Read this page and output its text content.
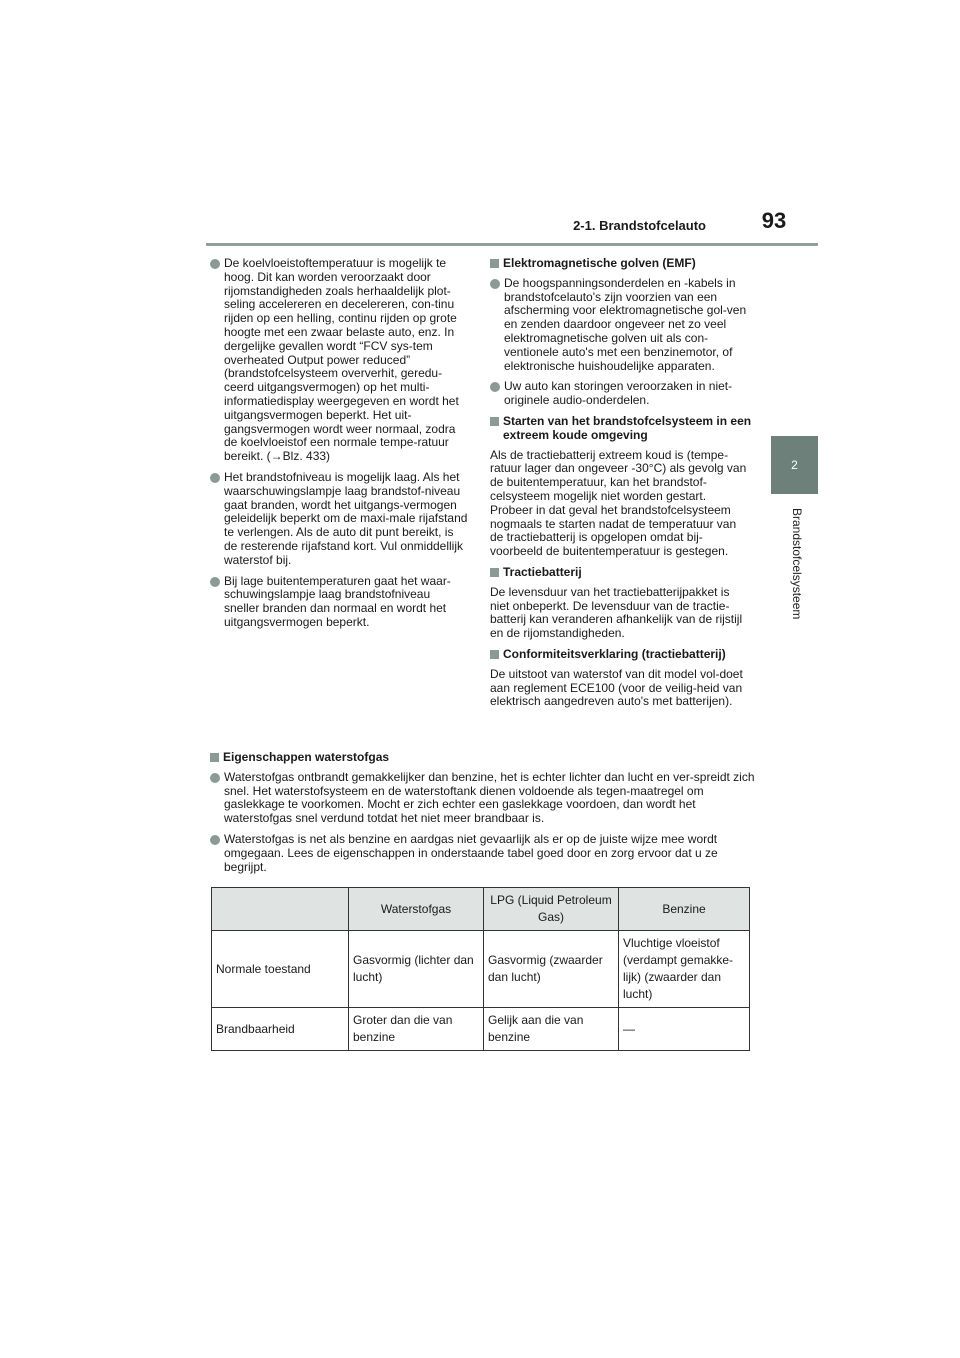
2-1. Brandstofcelauto	93
2
Brandstofcelsysteem
De koelvloeistoftemperatuur is mogelijk te hoog. Dit kan worden veroorzaakt door rijomstandigheden zoals herhaaldelijk plot-seling accelereren en decelereren, con-tinu rijden op een helling, continu rijden op grote hoogte met een zwaar belaste auto, enz. In dergelijke gevallen wordt “FCV sys-tem overheated Output power reduced” (brandstofcelsysteem oververhit, geredu-ceerd uitgangsvermogen) op het multi-informatiedisplay weergegeven en wordt het uitgangsvermogen beperkt. Het uit-gangsvermogen wordt weer normaal, zodra de koelvloeistof een normale tempe-ratuur bereikt. (→Blz. 433)
Het brandstofniveau is mogelijk laag. Als het waarschuwingslampje laag brandstof-niveau gaat branden, wordt het uitgangs-vermogen geleidelijk beperkt om de maxi-male rijafstand te verlengen. Als de auto dit punt bereikt, is de resterende rijafstand kort. Vul onmiddellijk waterstof bij.
Bij lage buitentemperaturen gaat het waar-schuwingslampje laag brandstofniveau sneller branden dan normaal en wordt het uitgangsvermogen beperkt.
Elektromagnetische golven (EMF)
De hoogspanningsonderdelen en -kabels in brandstofcelauto's zijn voorzien van een afscherming voor elektromagnetische gol-ven en zenden daardoor ongeveer net zo veel elektromagnetische golven uit als con-ventionele auto's met een benzinemotor, of elektronische huishoudelijke apparaten.
Uw auto kan storingen veroorzaken in niet-originele audio-onderdelen.
Starten van het brandstofcelsysteem in een extreem koude omgeving
Als de tractiebatterij extreem koud is (tempe-ratuur lager dan ongeveer -30°C) als gevolg van de buitentemperatuur, kan het brandstof-celsysteem mogelijk niet worden gestart. Probeer in dat geval het brandstofcelsysteem nogmaals te starten nadat de temperatuur van de tractiebatterij is opgelopen omdat bij-voorbeeld de buitentemperatuur is gestegen.
Tractiebatterij
De levensduur van het tractiebatterijpakket is niet onbeperkt. De levensduur van de tractie-batterij kan veranderen afhankelijk van de rijstijl en de rijomstandigheden.
Conformiteitsverklaring (tractiebatterij)
De uitstoot van waterstof van dit model vol-doet aan reglement ECE100 (voor de veilig-heid van elektrisch aangedreven auto's met batterijen).
Eigenschappen waterstofgas
Waterstofgas ontbrandt gemakkelijker dan benzine, het is echter lichter dan lucht en ver-spreidt zich snel. Het waterstofsysteem en de waterstoftank dienen voldoende als tegen-maatregel om gaslekkage te voorkomen. Mocht er zich echter een gaslekkage voordoen, dan wordt het waterstofgas snel verdund totdat het niet meer brandbaar is.
Waterstofgas is net als benzine en aardgas niet gevaarlijk als er op de juiste wijze mee wordt omgegaan. Lees de eigenschappen in onderstaande tabel goed door en zorg ervoor dat u ze begrijpt.
	Waterstofgas	LPG (Liquid Petroleum Gas)	Benzine
Normale toestand	Gasvormig (lichter dan lucht)	Gasvormig (zwaarder dan lucht)	Vluchtige vloeistof (verdampt gemakke-lijk) (zwaarder dan lucht)
Brandbaarheid	Groter dan die van benzine	Gelijk aan die van benzine	—
